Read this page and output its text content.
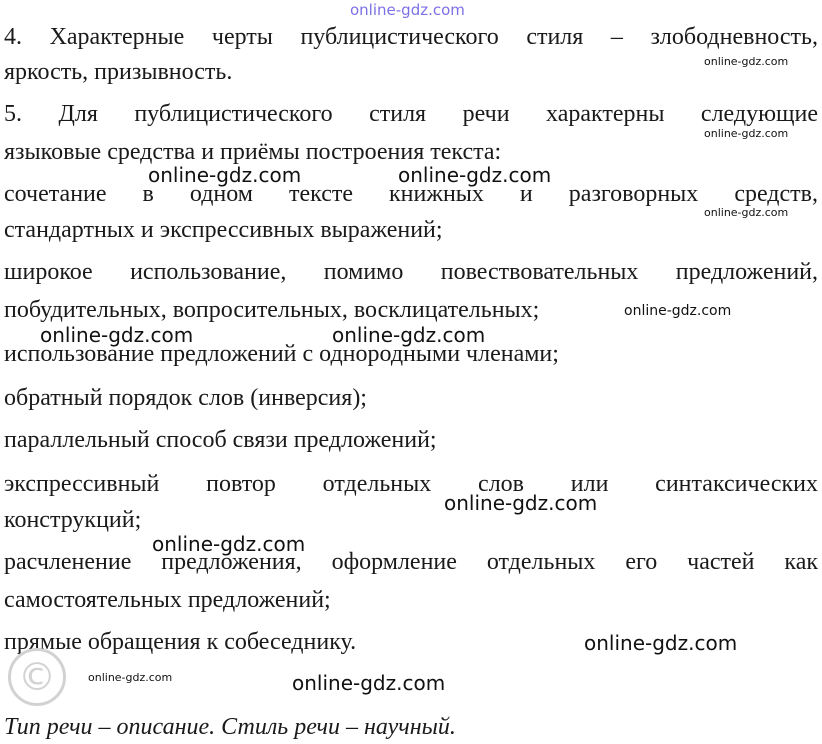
4. Характерные черты публицистического стиля – злободневность,
яркость, призывность.
5. Для публицистического стиля речи характерны следующие
языковые средства и приёмы построения текста:
сочетание в одном тексте книжных и разговорных средств,
стандартных и экспрессивных выражений;
широкое использование, помимо повествовательных предложений,
побудительных, вопросительных, восклицательных;
использование предложений с однородными членами;
обратный порядок слов (инверсия);
параллельный способ связи предложений;
экспрессивный повтор отдельных слов или синтаксических
конструкций;
расчленение предложения, оформление отдельных его частей как
самостоятельных предложений;
прямые обращения к собеседнику.
Тип речи – описание. Стиль речи – научный.
©
online-gdz.com
online-gdz.com
online-gdz.com
online-gdz.com	online-gdz.com
online-gdz.com
online-gdz.com
online-gdz.com	online-gdz.com
online-gdz.com
online-gdz.com
online-gdz.com
online-gdz.com	online-gdz.com
